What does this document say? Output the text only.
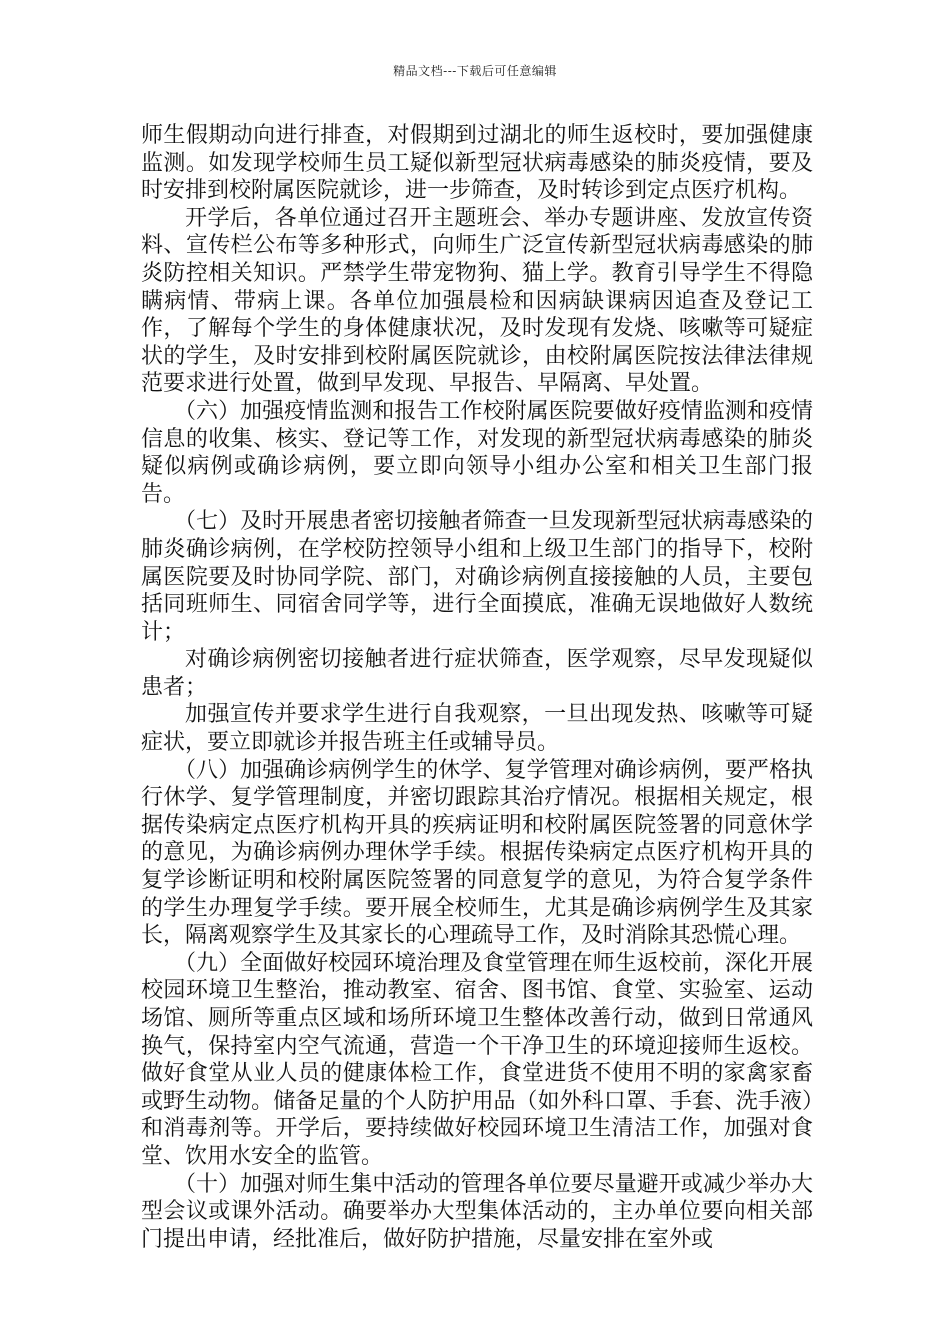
精品文档---下载后可任意编辑

师生假期动向进行排查，对假期到过湖北的师生返校时，要加强健康监测。如发现学校师生员工疑似新型冠状病毒感染的肺炎疫情，要及时安排到校附属医院就诊，进一步筛查，及时转诊到定点医疗机构。

开学后，各单位通过召开主题班会、举办专题讲座、发放宣传资料、宣传栏公布等多种形式，向师生广泛宣传新型冠状病毒感染的肺炎防控相关知识。严禁学生带宠物狗、猫上学。教育引导学生不得隐瞒病情、带病上课。各单位加强晨检和因病缺课病因追查及登记工作，了解每个学生的身体健康状况，及时发现有发烧、咳嗽等可疑症状的学生，及时安排到校附属医院就诊，由校附属医院按法律法律规范要求进行处置，做到早发现、早报告、早隔离、早处置。

（六）加强疫情监测和报告工作校附属医院要做好疫情监测和疫情信息的收集、核实、登记等工作，对发现的新型冠状病毒感染的肺炎疑似病例或确诊病例，要立即向领导小组办公室和相关卫生部门报告。

（七）及时开展患者密切接触者筛查一旦发现新型冠状病毒感染的肺炎确诊病例，在学校防控领导小组和上级卫生部门的指导下，校附属医院要及时协同学院、部门，对确诊病例直接接触的人员，主要包括同班师生、同宿舍同学等，进行全面摸底，准确无误地做好人数统计；

对确诊病例密切接触者进行症状筛查，医学观察，尽早发现疑似患者；

加强宣传并要求学生进行自我观察，一旦出现发热、咳嗽等可疑症状，要立即就诊并报告班主任或辅导员。

（八）加强确诊病例学生的休学、复学管理对确诊病例，要严格执行休学、复学管理制度，并密切跟踪其治疗情况。根据相关规定，根据传染病定点医疗机构开具的疾病证明和校附属医院签署的同意休学的意见，为确诊病例办理休学手续。根据传染病定点医疗机构开具的复学诊断证明和校附属医院签署的同意复学的意见，为符合复学条件的学生办理复学手续。要开展全校师生，尤其是确诊病例学生及其家长，隔离观察学生及其家长的心理疏导工作，及时消除其恐慌心理。

（九）全面做好校园环境治理及食堂管理在师生返校前，深化开展校园环境卫生整治，推动教室、宿舍、图书馆、食堂、实验室、运动场馆、厕所等重点区域和场所环境卫生整体改善行动，做到日常通风换气，保持室内空气流通，营造一个干净卫生的环境迎接师生返校。做好食堂从业人员的健康体检工作，食堂进货不使用不明的家禽家畜或野生动物。储备足量的个人防护用品（如外科口罩、手套、洗手液）和消毒剂等。开学后，要持续做好校园环境卫生清洁工作，加强对食堂、饮用水安全的监管。

（十）加强对师生集中活动的管理各单位要尽量避开或减少举办大型会议或课外活动。确要举办大型集体活动的，主办单位要向相关部门提出申请，经批准后，做好防护措施，尽量安排在室外或
